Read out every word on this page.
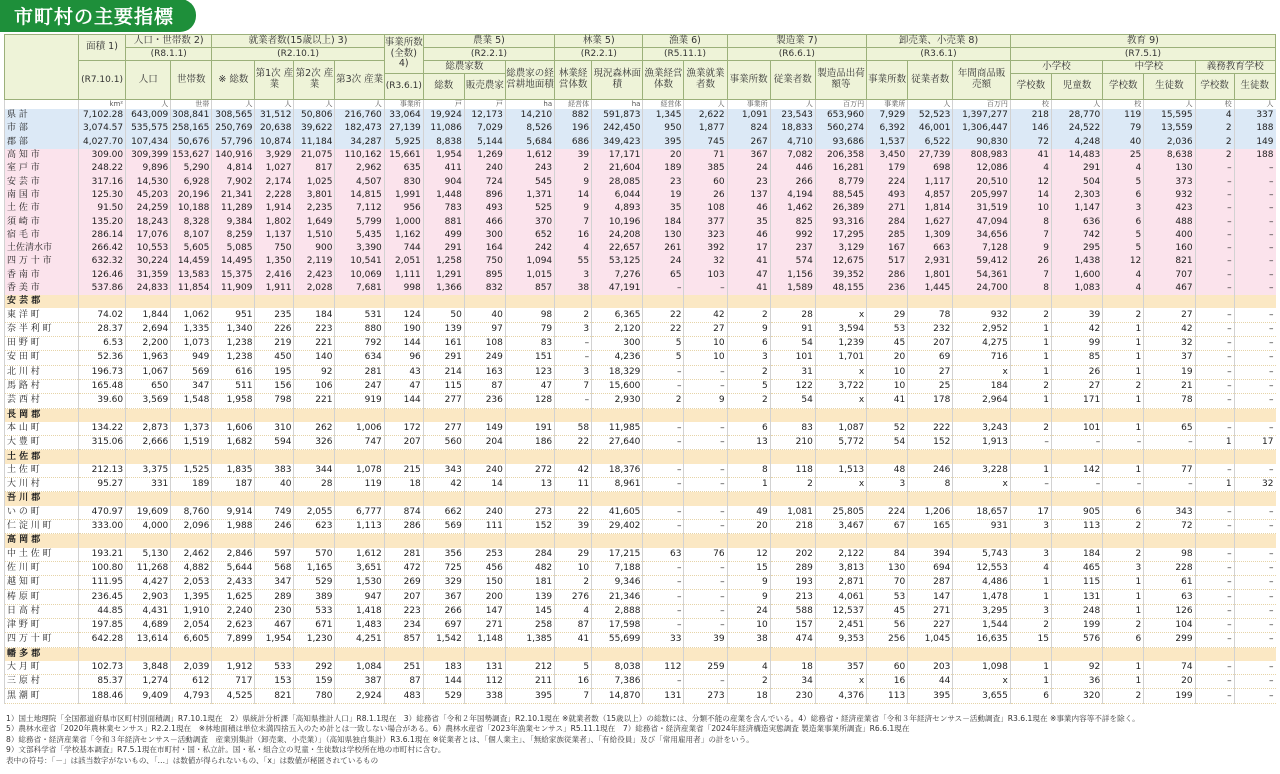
市町村の主要指標
	面積 1)	人口・世帯数 2)		就業者数(15歳以上) 3)				事業所数 (全数) 4)	農業 5)			林業 5)		漁業 6)		製造業 7)			卸売業、小売業 8)			教育 9)					
		(R8.1.1)		(R2.10.1)					(R2.2.1)			(R2.2.1)		(R5.11.1)		(R6.6.1)			(R3.6.1)			(R7.5.1)					
	(R7.10.1)	人口	世帯数	※ 総数	第1次 産業	第2次 産業	第3次 産業		総農家数		総農家の経営耕地面積	林業経営体数	現況森林面積	漁業経営体数	漁業就業者数	事業所数	従業者数	製造品出荷額等	事業所数	従業者数	年間商品販売額	小学校		中学校		義務教育学校	
								(R3.6.1)	総数	販売農家												学校数	児童数	学校数	生徒数	学校数	生徒数
	km²	人	世帯	人	人	人	人	事業所	戸	戸	ha	経営体	ha	経営体	人	事業所	人	百万円	事業所	人	百万円	校	人	校	人	校	人
県 計	7,102.28	643,009	308,841	308,565	31,512	50,806	216,760	33,064	19,924	12,173	14,210	882	591,873	1,345	2,622	1,091	23,543	653,960	7,929	52,523	1,397,277	218	28,770	119	15,595	4	337
市 部	3,074.57	535,575	258,165	250,769	20,638	39,622	182,473	27,139	11,086	7,029	8,526	196	242,450	950	1,877	824	18,833	560,274	6,392	46,001	1,306,447	146	24,522	79	13,559	2	188
郡 部	4,027.70	107,434	50,676	57,796	10,874	11,184	34,287	5,925	8,838	5,144	5,684	686	349,423	395	745	267	4,710	93,686	1,537	6,522	90,830	72	4,248	40	2,036	2	149
高 知 市	309.00	309,399	153,627	140,916	3,929	21,075	110,162	15,661	1,954	1,269	1,612	39	17,171	20	71	367	7,082	206,358	3,450	27,739	808,983	41	14,483	25	8,638	2	188
室 戸 市	248.22	9,896	5,290	4,814	1,027	817	2,962	635	411	240	243	2	21,604	189	385	24	446	16,281	179	698	12,086	4	291	4	130	–	–
安 芸 市	317.16	14,530	6,928	7,902	2,174	1,025	4,507	830	904	724	545	9	28,085	23	60	23	266	8,779	224	1,117	20,510	12	504	5	373	–	–
南 国 市	125.30	45,203	20,196	21,341	2,228	3,801	14,815	1,991	1,448	896	1,371	14	6,044	19	26	137	4,194	88,545	493	4,857	205,997	14	2,303	6	932	–	–
土 佐 市	91.50	24,259	10,188	11,289	1,914	2,235	7,112	956	783	493	525	9	4,893	35	108	46	1,462	26,389	271	1,814	31,519	10	1,147	3	423	–	–
須 崎 市	135.20	18,243	8,328	9,384	1,802	1,649	5,799	1,000	881	466	370	7	10,196	184	377	35	825	93,316	284	1,627	47,094	8	636	6	488	–	–
宿 毛 市	286.14	17,076	8,107	8,259	1,137	1,510	5,435	1,162	499	300	652	16	24,208	130	323	46	992	17,295	285	1,309	34,656	7	742	5	400	–	–
土佐清水市	266.42	10,553	5,605	5,085	750	900	3,390	744	291	164	242	4	22,657	261	392	17	237	3,129	167	663	7,128	9	295	5	160	–	–
四 万 十 市	632.32	30,224	14,459	14,495	1,350	2,119	10,541	2,051	1,258	750	1,094	55	53,125	24	32	41	574	12,675	517	2,931	59,412	26	1,438	12	821	–	–
香 南 市	126.46	31,359	13,583	15,375	2,416	2,423	10,069	1,111	1,291	895	1,015	3	7,276	65	103	47	1,156	39,352	286	1,801	54,361	7	1,600	4	707	–	–
香 美 市	537.86	24,833	11,854	11,909	1,911	2,028	7,681	998	1,366	832	857	38	47,191	–	–	41	1,589	48,155	236	1,445	24,700	8	1,083	4	467	–	–
安 芸 郡																											
東 洋 町	74.02	1,844	1,062	951	235	184	531	124	50	40	98	2	6,365	22	42	2	28	x	29	78	932	2	39	2	27	–	–
奈 半 利 町	28.37	2,694	1,335	1,340	226	223	880	190	139	97	79	3	2,120	22	27	9	91	3,594	53	232	2,952	1	42	1	42	–	–
田 野 町	6.53	2,200	1,073	1,238	219	221	792	144	161	108	83	–	300	5	10	6	54	1,239	45	207	4,275	1	99	1	32	–	–
安 田 町	52.36	1,963	949	1,238	450	140	634	96	291	249	151	–	4,236	5	10	3	101	1,701	20	69	716	1	85	1	37	–	–
北 川 村	196.73	1,067	569	616	195	92	281	43	214	163	123	3	18,329	–	–	2	31	x	10	27	x	1	26	1	19	–	–
馬 路 村	165.48	650	347	511	156	106	247	47	115	87	47	7	15,600	–	–	5	122	3,722	10	25	184	2	27	2	21	–	–
芸 西 村	39.60	3,569	1,548	1,958	798	221	919	144	277	236	128	–	2,930	2	9	2	54	x	41	178	2,964	1	171	1	78	–	–
長 岡 郡																											
本 山 町	134.22	2,873	1,373	1,606	310	262	1,006	172	277	149	191	58	11,985	–	–	6	83	1,087	52	222	3,243	2	101	1	65	–	–
大 豊 町	315.06	2,666	1,519	1,682	594	326	747	207	560	204	186	22	27,640	–	–	13	210	5,772	54	152	1,913	–	–	–	–	1	17
土 佐 郡																											
土 佐 町	212.13	3,375	1,525	1,835	383	344	1,078	215	343	240	272	42	18,376	–	–	8	118	1,513	48	246	3,228	1	142	1	77	–	–
大 川 村	95.27	331	189	187	40	28	119	18	42	14	13	11	8,961	–	–	1	2	x	3	8	x	–	–	–	–	1	32
吾 川 郡																											
い の 町	470.97	19,609	8,760	9,914	749	2,055	6,777	874	662	240	273	22	41,605	–	–	49	1,081	25,805	224	1,206	18,657	17	905	6	343	–	–
仁 淀 川 町	333.00	4,000	2,096	1,988	246	623	1,113	286	569	111	152	39	29,402	–	–	20	218	3,467	67	165	931	3	113	2	72	–	–
高 岡 郡																											
中 土 佐 町	193.21	5,130	2,462	2,846	597	570	1,612	281	356	253	284	29	17,215	63	76	12	202	2,122	84	394	5,743	3	184	2	98	–	–
佐 川 町	100.80	11,268	4,882	5,644	568	1,165	3,651	472	725	456	482	10	7,188	–	–	15	289	3,813	130	694	12,553	4	465	3	228	–	–
越 知 町	111.95	4,427	2,053	2,433	347	529	1,530	269	329	150	181	2	9,346	–	–	9	193	2,871	70	287	4,486	1	115	1	61	–	–
梼 原 町	236.45	2,903	1,395	1,625	289	389	947	207	367	200	139	276	21,346	–	–	9	213	4,061	53	147	1,478	1	131	1	63	–	–
日 高 村	44.85	4,431	1,910	2,240	230	533	1,418	223	266	147	145	4	2,888	–	–	24	588	12,537	45	271	3,295	3	248	1	126	–	–
津 野 町	197.85	4,689	2,054	2,623	467	671	1,483	234	697	271	258	87	17,598	–	–	10	157	2,451	56	227	1,544	2	199	2	104	–	–
四 万 十 町	642.28	13,614	6,605	7,899	1,954	1,230	4,251	857	1,542	1,148	1,385	41	55,699	33	39	38	474	9,353	256	1,045	16,635	15	576	6	299	–	–
幡 多 郡																											
大 月 町	102.73	3,848	2,039	1,912	533	292	1,084	251	183	131	212	5	8,038	112	259	4	18	357	60	203	1,098	1	92	1	74	–	–
三 原 村	85.37	1,274	612	717	153	159	387	87	144	112	211	16	7,386	–	–	2	34	x	16	44	x	1	36	1	20	–	–
黒 潮 町	188.46	9,409	4,793	4,525	821	780	2,924	483	529	338	395	7	14,870	131	273	18	230	4,376	113	395	3,655	6	320	2	199	–	–
1）国土地理院「全国都道府県市区町村別面積調」R7.10.1現在　2）県統計分析課「高知県推計人口」R8.1.1現在　3）総務省「令和２年国勢調査」R2.10.1現在 ※就業者数（15歳以上）の総数には、分類不能の産業を含んでいる。4）総務省・経済産業省「令和３年経済センサス－活動調査」R3.6.1現在 ※事業内容等不詳を除く。
5）農林水産省「2020年農林業センサス」R2.2.1現在　※林地面積は単位未満四捨五入のため計とは一致しない場合がある。6）農林水産省「2023年漁業センサス」R5.11.1現在　7）総務省・経済産業省「2024年経済構造実態調査 製造業事業所調査」R6.6.1現在
8）総務省・経済産業省「令和３年経済センサス－活動調査　産業別集計（卸売業、小売業）」（高知県独自集計）R3.6.1現在 ※従業者とは、「個人業主」、「無給家族従業者」、「有給役員」及び「常用雇用者」の計をいう。
9）文部科学省「学校基本調査」R7.5.1現在市町村・国・私立計。国・私・組合立の児童・生徒数は学校所在地の市町村に含む。
表中の符号：「－」は該当数字がないもの、「…」は数値が得られないもの、「x」は数値が秘匿されているもの
